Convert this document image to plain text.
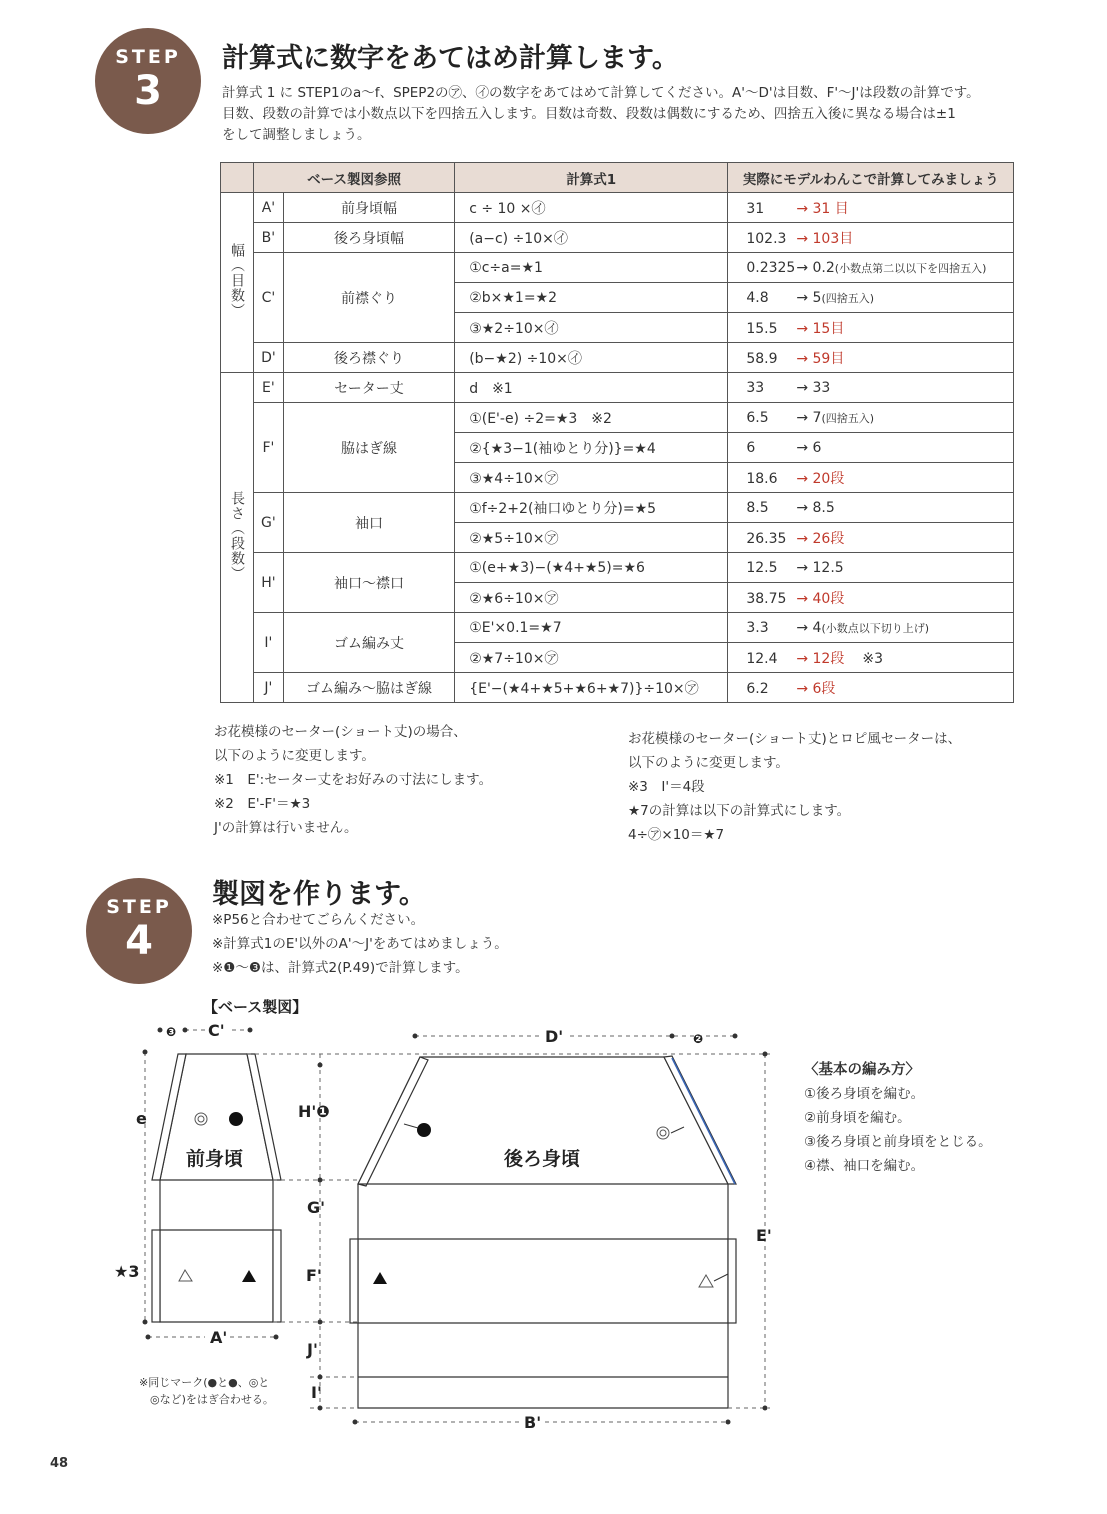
STEP
3
計算式に数字をあてはめ計算します。
計算式 1 に STEP1のa〜f、SPEP2の㋐、㋑の数字をあてはめて計算してください。A'〜D'は目数、F'〜J'は段数の計算です。
目数、段数の計算では小数点以下を四捨五入します。目数は奇数、段数は偶数にするため、四捨五入後に異なる場合は±1
をして調整しましょう。
	ベース製図参照		計算式1	実際にモデルわんこで計算してみましょう
幅（目数）	A'	前身頃幅	c ÷ 10 ×㋑	31 → 31 目
	B'	後ろ身頃幅	(a−c) ÷10×㋑	102.3 → 103目
	C'	前襟ぐり	①c÷a=★1	0.2325→ 0.2(小数点第二以以下を四捨五入)
			②b×★1=★2	4.8 → 5(四捨五入)
			③★2÷10×㋑	15.5 → 15目
	D'	後ろ襟ぐり	(b−★2) ÷10×㋑	58.9 → 59目
長さ（段数）	E'	セーター丈	d　※1	33 → 33
	F'	脇はぎ線	①(E'-e) ÷2=★3　※2	6.5 → 7(四捨五入)
			②{★3−1(袖ゆとり分)}=★4	6 → 6
			③★4÷10×㋐	18.6 → 20段
	G'	袖口	①f÷2+2(袖口ゆとり分)=★5	8.5 → 8.5
			②★5÷10×㋐	26.35 → 26段
	H'	袖口〜襟口	①(e+★3)−(★4+★5)=★6	12.5 → 12.5
			②★6÷10×㋐	38.75 → 40段
	I'	ゴム編み丈	①E'×0.1=★7	3.3 → 4(小数点以下切り上げ)
			②★7÷10×㋐	12.4 → 12段 ※3
	J'	ゴム編み〜脇はぎ線	{E'−(★4+★5+★6+★7)}÷10×㋐	6.2 → 6段
お花模様のセーター(ショート丈)の場合、
以下のように変更します。
※1　E':セーター丈をお好みの寸法にします。
※2　E'-F'＝★3
J'の計算は行いません。
お花模様のセーター(ショート丈)とロピ風セーターは、
以下のように変更します。
※3　I'＝4段
★7の計算は以下の計算式にします。
4÷㋐×10＝★7
STEP
4
製図を作ります。
※P56と合わせてごらんください。
※計算式1のE'以外のA'〜J'をあてはめましょう。
※❶〜❸は、計算式2(P.49)で計算します。
【ベース製図】
前身頃	後ろ身頃
C'	D'
A'
B'
e
★3
H'❶
G'
F'
J'
I'
E'
❸	❷
※同じマーク(●と●、◎と
◎など)をはぎ合わせる。
〈基本の編み方〉
①後ろ身頃を編む。
②前身頃を編む。
③後ろ身頃と前身頃をとじる。
④襟、袖口を編む。
48
